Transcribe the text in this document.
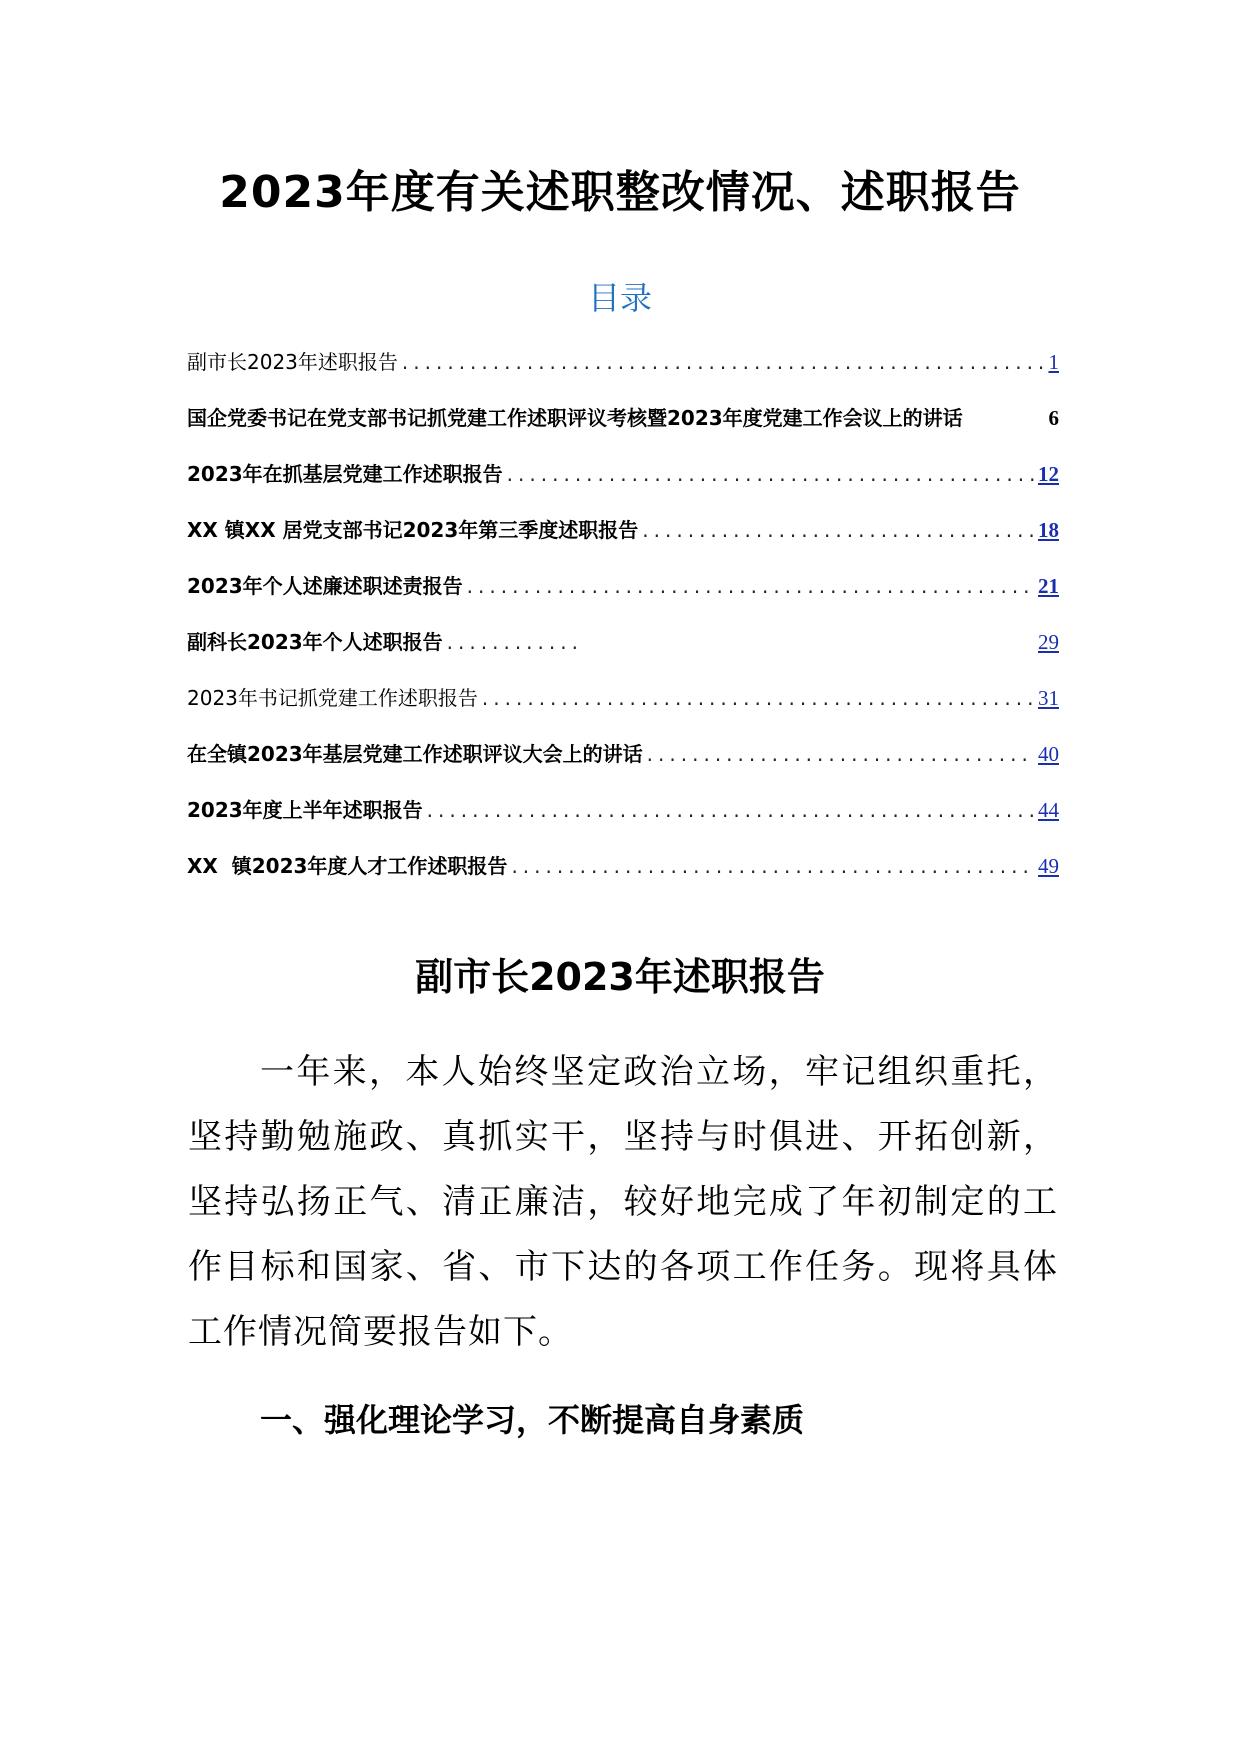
2023年度有关述职整改情况、述职报告
目录
副市长2023年述职报告 .....	1
国企党委书记在党支部书记抓党建工作述职评议考核暨2023年度党建工作会议上的讲话	6
2023年在抓基层党建工作述职报告 .....	12
XX 镇XX 居党支部书记2023年第三季度述职报告 .....	18
2023年个人述廉述职述责报告 .....	21
副科长2023年个人述职报告 .....	29
2023年书记抓党建工作述职报告 .....	31
在全镇2023年基层党建工作述职评议大会上的讲话 .....	40
2023年度上半年述职报告 .....	44
XX  镇2023年度人才工作述职报告 .....	49
副市长2023年述职报告

一年来，本人始终坚定政治立场，牢记组织重托，坚持勤勉施政、真抓实干，坚持与时俱进、开拓创新，坚持弘扬正气、清正廉洁，较好地完成了年初制定的工作目标和国家、省、市下达的各项工作任务。现将具体工作情况简要报告如下。

一、强化理论学习，不断提高自身素质
